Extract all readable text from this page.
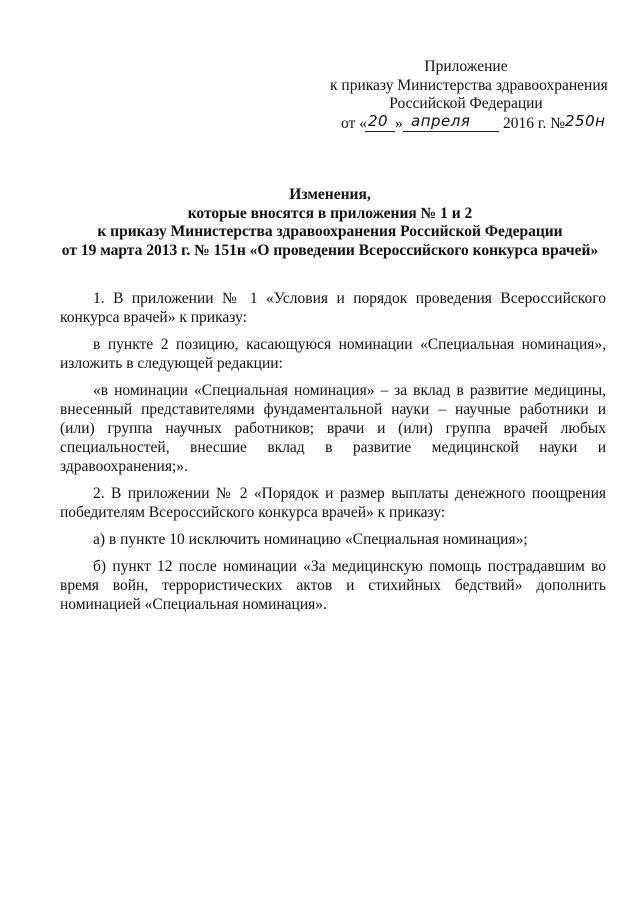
Приложение
к приказу Министерства здравоохранения
Российской Федерации
от « 20 » апреля 2016 г. № 250н
Изменения,
которые вносятся в приложения № 1 и 2
к приказу Министерства здравоохранения Российской Федерации
от 19 марта 2013 г. № 151н «О проведении Всероссийского конкурса врачей»

1. В приложении № 1 «Условия и порядок проведения Всероссийского конкурса врачей» к приказу:

в пункте 2 позицию, касающуюся номинации «Специальная номинация», изложить в следующей редакции:

«в номинации «Специальная номинация» – за вклад в развитие медицины, внесенный представителями фундаментальной науки – научные работники и (или) группа научных работников; врачи и (или) группа врачей любых специальностей, внесшие вклад в развитие медицинской науки и здравоохранения;».

2. В приложении № 2 «Порядок и размер выплаты денежного поощрения победителям Всероссийского конкурса врачей» к приказу:

а) в пункте 10 исключить номинацию «Специальная номинация»;

б) пункт 12 после номинации «За медицинскую помощь пострадавшим во время войн, террористических актов и стихийных бедствий» дополнить номинацией «Специальная номинация».
